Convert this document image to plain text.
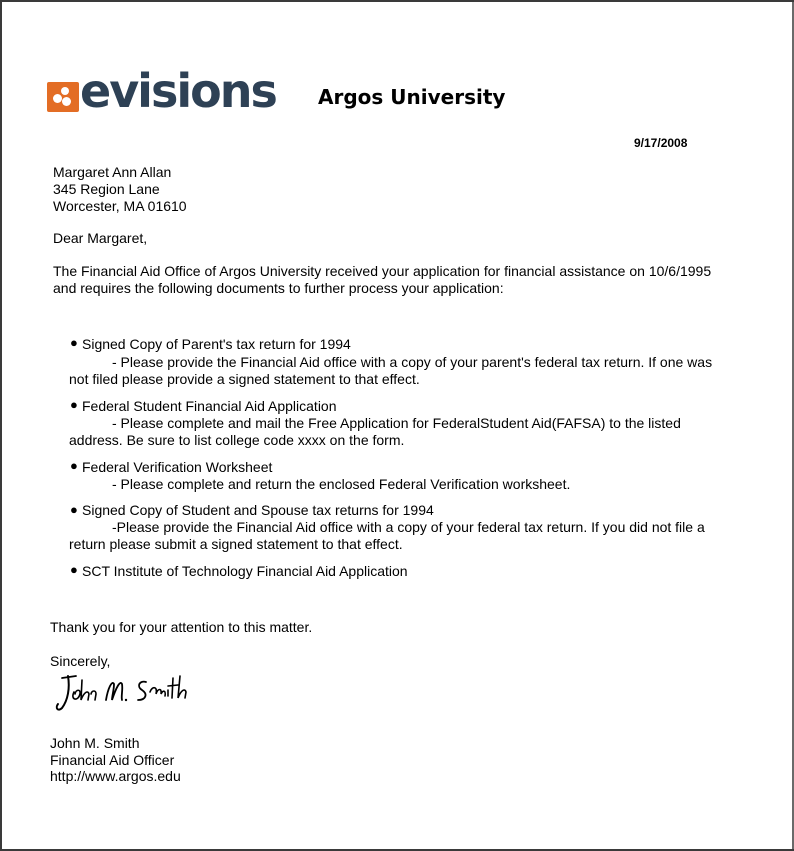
evisions Argos University
9/17/2008
Margaret Ann Allan
345 Region Lane
Worcester, MA 01610
Dear Margaret,
The Financial Aid Office of Argos University received your application for financial assistance on 10/6/1995
and requires the following documents to further process your application:
● Signed Copy of Parent's tax return for 1994
- Please provide the Financial Aid office with a copy of your parent's federal tax return. If one was
not filed please provide a signed statement to that effect.
● Federal Student Financial Aid Application
- Please complete and mail the Free Application for FederalStudent Aid(FAFSA) to the listed
address. Be sure to list college code xxxx on the form.
● Federal Verification Worksheet
- Please complete and return the enclosed Federal Verification worksheet.
● Signed Copy of Student and Spouse tax returns for 1994
-Please provide the Financial Aid office with a copy of your federal tax return. If you did not file a
return please submit a signed statement to that effect.
● SCT Institute of Technology Financial Aid Application
Thank you for your attention to this matter.
Sincerely,
John M. Smith
Financial Aid Officer
http://www.argos.edu
